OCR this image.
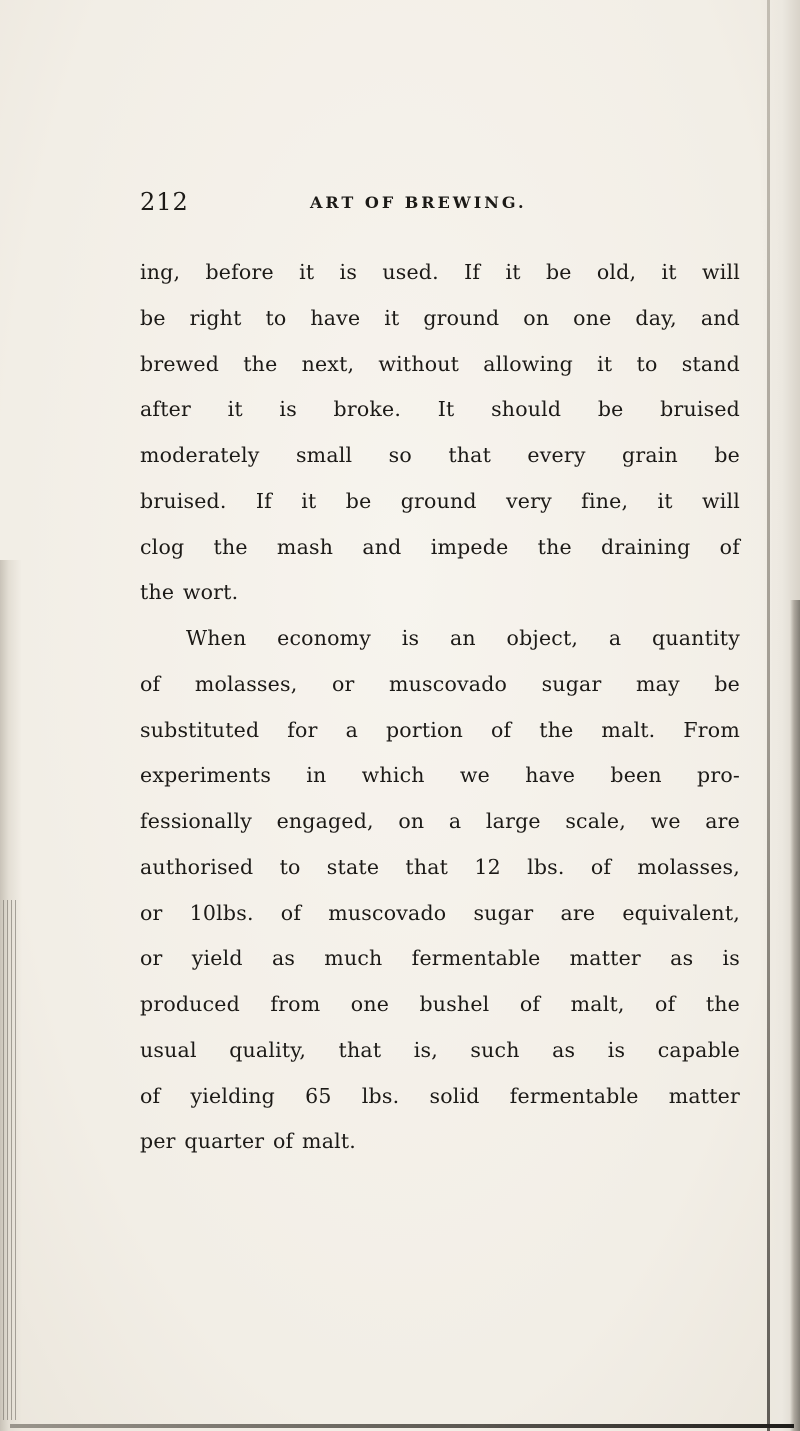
212	ART OF BREWING.
ing, before it is used. If it be old, it will
be right to have it ground on one day, and
brewed the next, without allowing it to stand
after it is broke. It should be bruised
moderately small so that every grain be
bruised. If it be ground very fine, it will
clog the mash and impede the draining of
the wort.
When economy is an object, a quantity
of molasses, or muscovado sugar may be
substituted for a portion of the malt. From
experiments in which we have been pro-
fessionally engaged, on a large scale, we are
authorised to state that 12 lbs. of molasses,
or 10lbs. of muscovado sugar are equivalent,
or yield as much fermentable matter as is
produced from one bushel of malt, of the
usual quality, that is, such as is capable
of yielding 65 lbs. solid fermentable matter
per quarter of malt.
